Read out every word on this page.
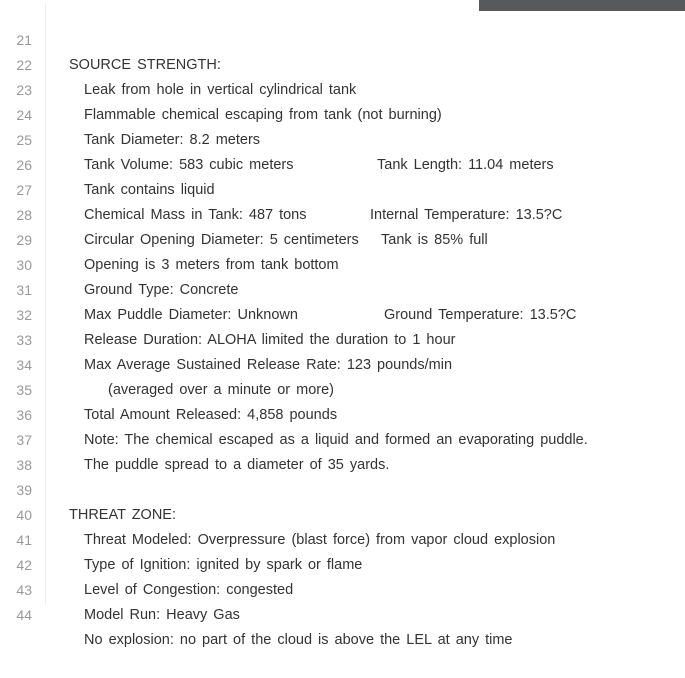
21

SOURCE STRENGTH:

22

Leak from hole in vertical cylindrical tank

23

Flammable chemical escaping from tank (not burning)

24

Tank Diameter: 8.2 meters

Tank Length: 11.04 meters

25

Tank Volume: 583 cubic meters

26

Tank contains liquid

Internal Temperature: 13.5?C

27

Chemical Mass in Tank: 487 tons

Tank is 85% full

28

Circular Opening Diameter: 5 centimeters

29

Opening is 3 meters from tank bottom

30

Ground Type: Concrete

Ground Temperature: 13.5?C

31

Max Puddle Diameter: Unknown

32

Release Duration: ALOHA limited the duration to 1 hour

33

Max Average Sustained Release Rate: 123 pounds/min

34

(averaged over a minute or more)

35

Total Amount Released: 4,858 pounds

36

Note: The chemical escaped as a liquid and formed an evaporating puddle.

37

The puddle spread to a diameter of 35 yards.

38

39

THREAT ZONE:

40

Threat Modeled: Overpressure (blast force) from vapor cloud explosion

41

Type of Ignition: ignited by spark or flame

42

Level of Congestion: congested

43

Model Run: Heavy Gas

44

No explosion: no part of the cloud is above the LEL at any time
